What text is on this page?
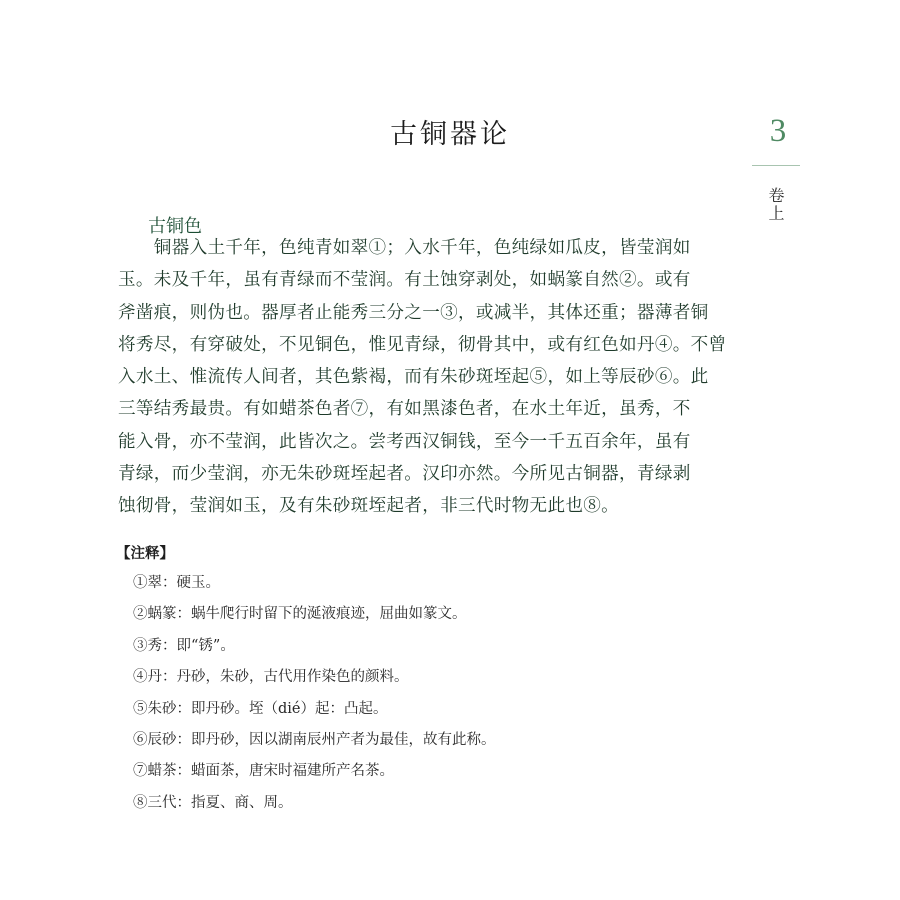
古铜器论	3
卷上
古铜色
　　铜器入土千年，色纯青如翠①；入水千年，色纯绿如瓜皮，皆莹润如
玉。未及千年，虽有青绿而不莹润。有土蚀穿剥处，如蜗篆自然②。或有
斧凿痕，则伪也。器厚者止能秀三分之一③，或减半，其体还重；器薄者铜
将秀尽，有穿破处，不见铜色，惟见青绿，彻骨其中，或有红色如丹④。不曾
入水土、惟流传人间者，其色紫褐，而有朱砂斑垤起⑤，如上等辰砂⑥。此
三等结秀最贵。有如蜡茶色者⑦，有如黑漆色者，在水土年近，虽秀，不
能入骨，亦不莹润，此皆次之。尝考西汉铜钱，至今一千五百余年，虽有
青绿，而少莹润，亦无朱砂斑垤起者。汉印亦然。今所见古铜器，青绿剥
蚀彻骨，莹润如玉，及有朱砂斑垤起者，非三代时物无此也⑧。
【注释】
①翠：硬玉。
②蜗篆：蜗牛爬行时留下的涎液痕迹，屈曲如篆文。
③秀：即“锈”。
④丹：丹砂，朱砂，古代用作染色的颜料。
⑤朱砂：即丹砂。垤（dié）起：凸起。
⑥辰砂：即丹砂，因以湖南辰州产者为最佳，故有此称。
⑦蜡茶：蜡面茶，唐宋时福建所产名茶。
⑧三代：指夏、商、周。
